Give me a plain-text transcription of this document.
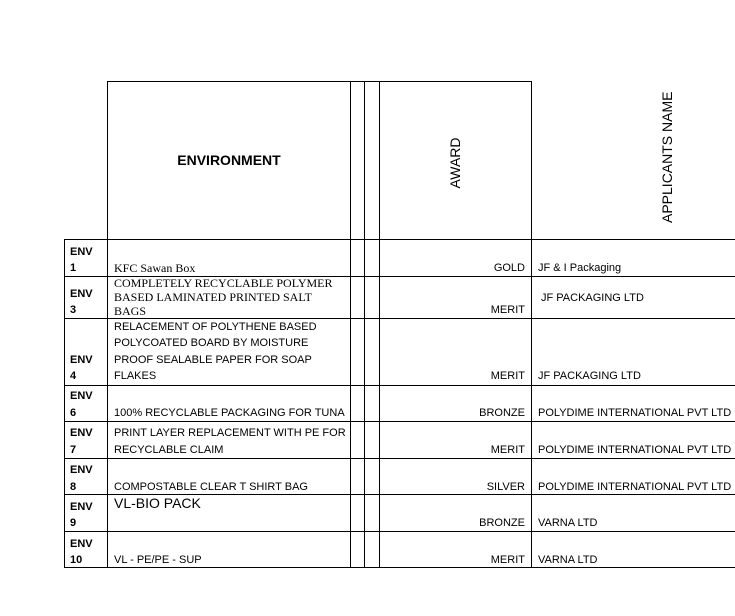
ENVIRONMENT	AWARD	APPLICANTS NAME
ENV
1	KFC Sawan Box	GOLD JF & I Packaging
ENV
3
COMPLETELY RECYCLABLE POLYMER
BASED LAMINATED PRINTED SALT
BAGS	MERIT
JF PACKAGING LTD
ENV
4
RELACEMENT OF POLYTHENE BASED
POLYCOATED BOARD BY MOISTURE
PROOF SEALABLE PAPER FOR SOAP
FLAKES	MERIT JF PACKAGING LTD
ENV
6	100% RECYCLABLE PACKAGING FOR TUNA	BRONZE POLYDIME INTERNATIONAL PVT LTD
ENV
7
PRINT LAYER REPLACEMENT WITH PE FOR
RECYCLABLE CLAIM	MERIT POLYDIME INTERNATIONAL PVT LTD
ENV
8	COMPOSTABLE CLEAR T SHIRT BAG	SILVER POLYDIME INTERNATIONAL PVT LTD
ENV
9
VL-BIO PACK
BRONZE VARNA LTD
ENV
10	VL - PE/PE - SUP	MERIT VARNA LTD
